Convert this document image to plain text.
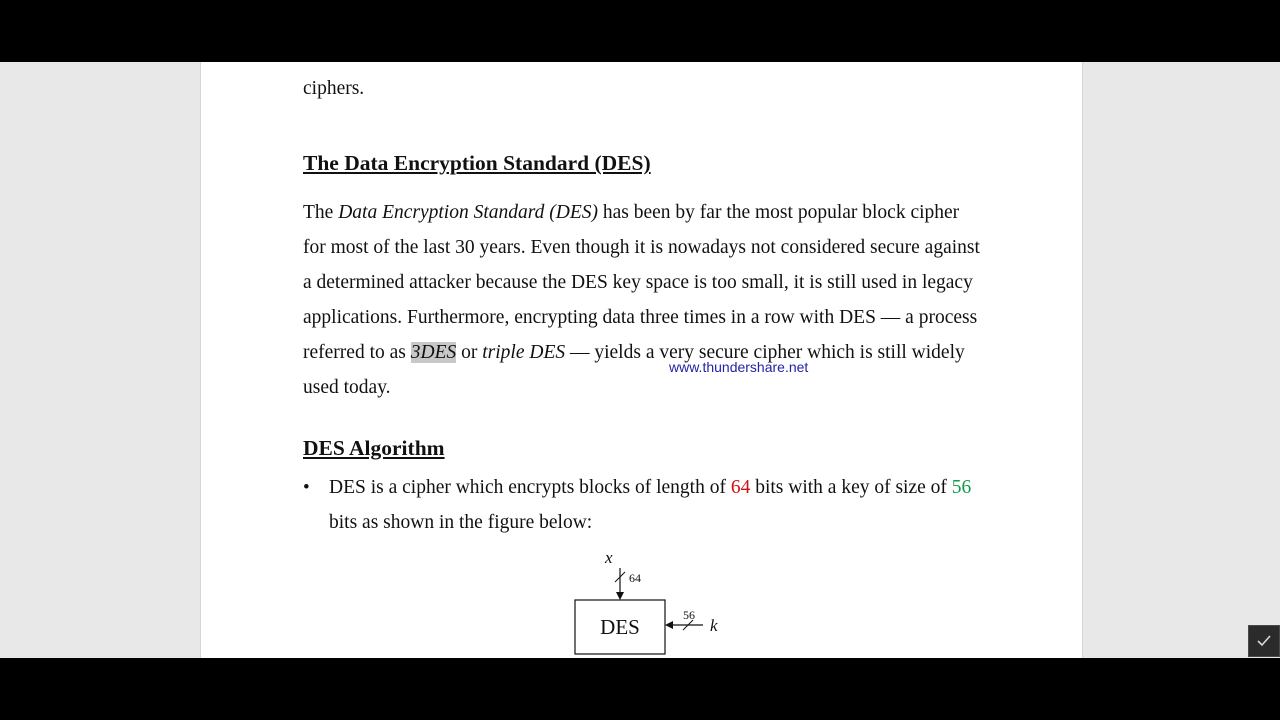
ciphers.

The Data Encryption Standard (DES)

The Data Encryption Standard (DES) has been by far the most popular block cipher for most of the last 30 years. Even though it is nowadays not considered secure against a determined attacker because the DES key space is too small, it is still used in legacy applications. Furthermore, encrypting data three times in a row with DES — a process referred to as 3DES or triple DES — yields a very secure cipher which is still widely used today.

www.thundershare.net
DES Algorithm
• DES is a cipher which encrypts blocks of length of 64 bits with a key of size of 56 bits as shown in the figure below:
x
64
DES	56
k
